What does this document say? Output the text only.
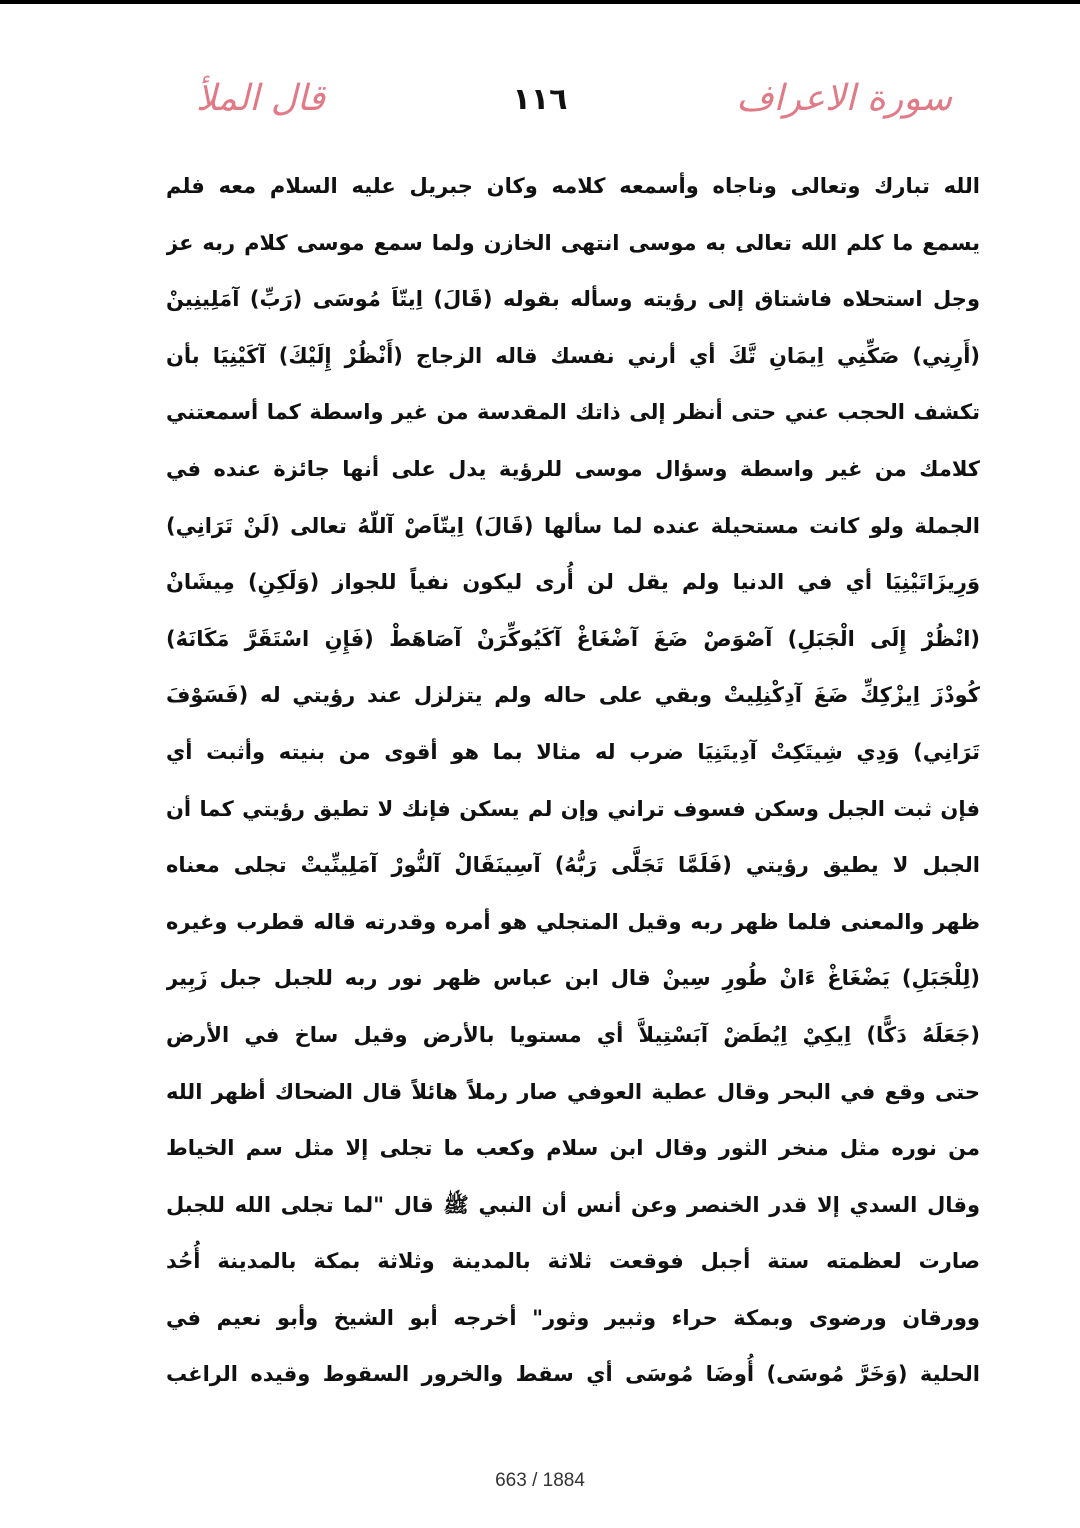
قال الملأ	١١٦	سورة الاعراف
الله تبارك وتعالى وناجاه وأسمعه كلامه وكان جبريل عليه السلام معه فلم
يسمع ما كلم الله تعالى به موسى انتهى الخازن ولما سمع موسى كلام ربه عز
وجل استحلاه فاشتاق إلى رؤيته وسأله بقوله (قَالَ) اِيتّاَ مُوسَى (رَبِّ) آمَلِينِينْ
(أَرِنِي) صَكِّنِي اِيمَانِ تَّكَ أي أرني نفسك قاله الزجاج (أَنْظُرْ إِلَيْكَ) آكَيْنِيَا بأن
تكشف الحجب عني حتى أنظر إلى ذاتك المقدسة من غير واسطة كما أسمعتني
كلامك من غير واسطة وسؤال موسى للرؤية يدل على أنها جائزة عنده في
الجملة ولو كانت مستحيلة عنده لما سألها (قَالَ) اِيتّاَصْ آللّهُ تعالى (لَنْ تَرَانِي)
وَرِيزَاتَيْنِيَا أي في الدنيا ولم يقل لن أُرى ليكون نفياً للجواز (وَلَكِنِ) مِيشَانْ
(انْظُرْ إِلَى الْجَبَلِ) آصْوَصْ ضَغَ آضْغَاغْ آكَيُوكِّرَنْ آصَاهَطْ (فَإِنِ اسْتَقَرَّ مَكَانَهُ)
كُودْزَ اِيزْكِكِّ ضَغَ آدِكْنِلِيتْ وبقي على حاله ولم يتزلزل عند رؤيتي له (فَسَوْفَ
تَرَانِي) وَدِي شِيتَكِتْ آدِيتَنِيَا ضرب له مثالا بما هو أقوى من بنيته وأثبت أي
فإن ثبت الجبل وسكن فسوف تراني وإن لم يسكن فإنك لا تطيق رؤيتي كما أن
الجبل لا يطيق رؤيتي (فَلَمَّا تَجَلَّى رَبُّهُ) آسِينَقَالْ آلنُّورْ آمَلِينِّيتْ تجلى معناه
ظهر والمعنى فلما ظهر ربه وقيل المتجلي هو أمره وقدرته قاله قطرب وغيره
(لِلْجَبَلِ) يَضْغَاغْ ءَانْ طُورِ سِينْ قال ابن عباس ظهر نور ربه للجبل جبل زَبِير
(جَعَلَهُ دَكًّا) اِيكِيْ اِيُطَضْ آبَسْتِيلاَّ أي مستويا بالأرض وقيل ساخ في الأرض
حتى وقع في البحر وقال عطية العوفي صار رملاً هائلاً قال الضحاك أظهر الله
من نوره مثل منخر الثور وقال ابن سلام وكعب ما تجلى إلا مثل سم الخياط
وقال السدي إلا قدر الخنصر وعن أنس أن النبي ﷺ قال "لما تجلى الله للجبل
صارت لعظمته ستة أجبل فوقعت ثلاثة بالمدينة وثلاثة بمكة بالمدينة أُحُد
وورقان ورضوى وبمكة حراء وثبير وثور" أخرجه أبو الشيخ وأبو نعيم في
الحلية (وَخَرَّ مُوسَى) أُوضَا مُوسَى أي سقط والخرور السقوط وقيده الراغب
663 / 1884
